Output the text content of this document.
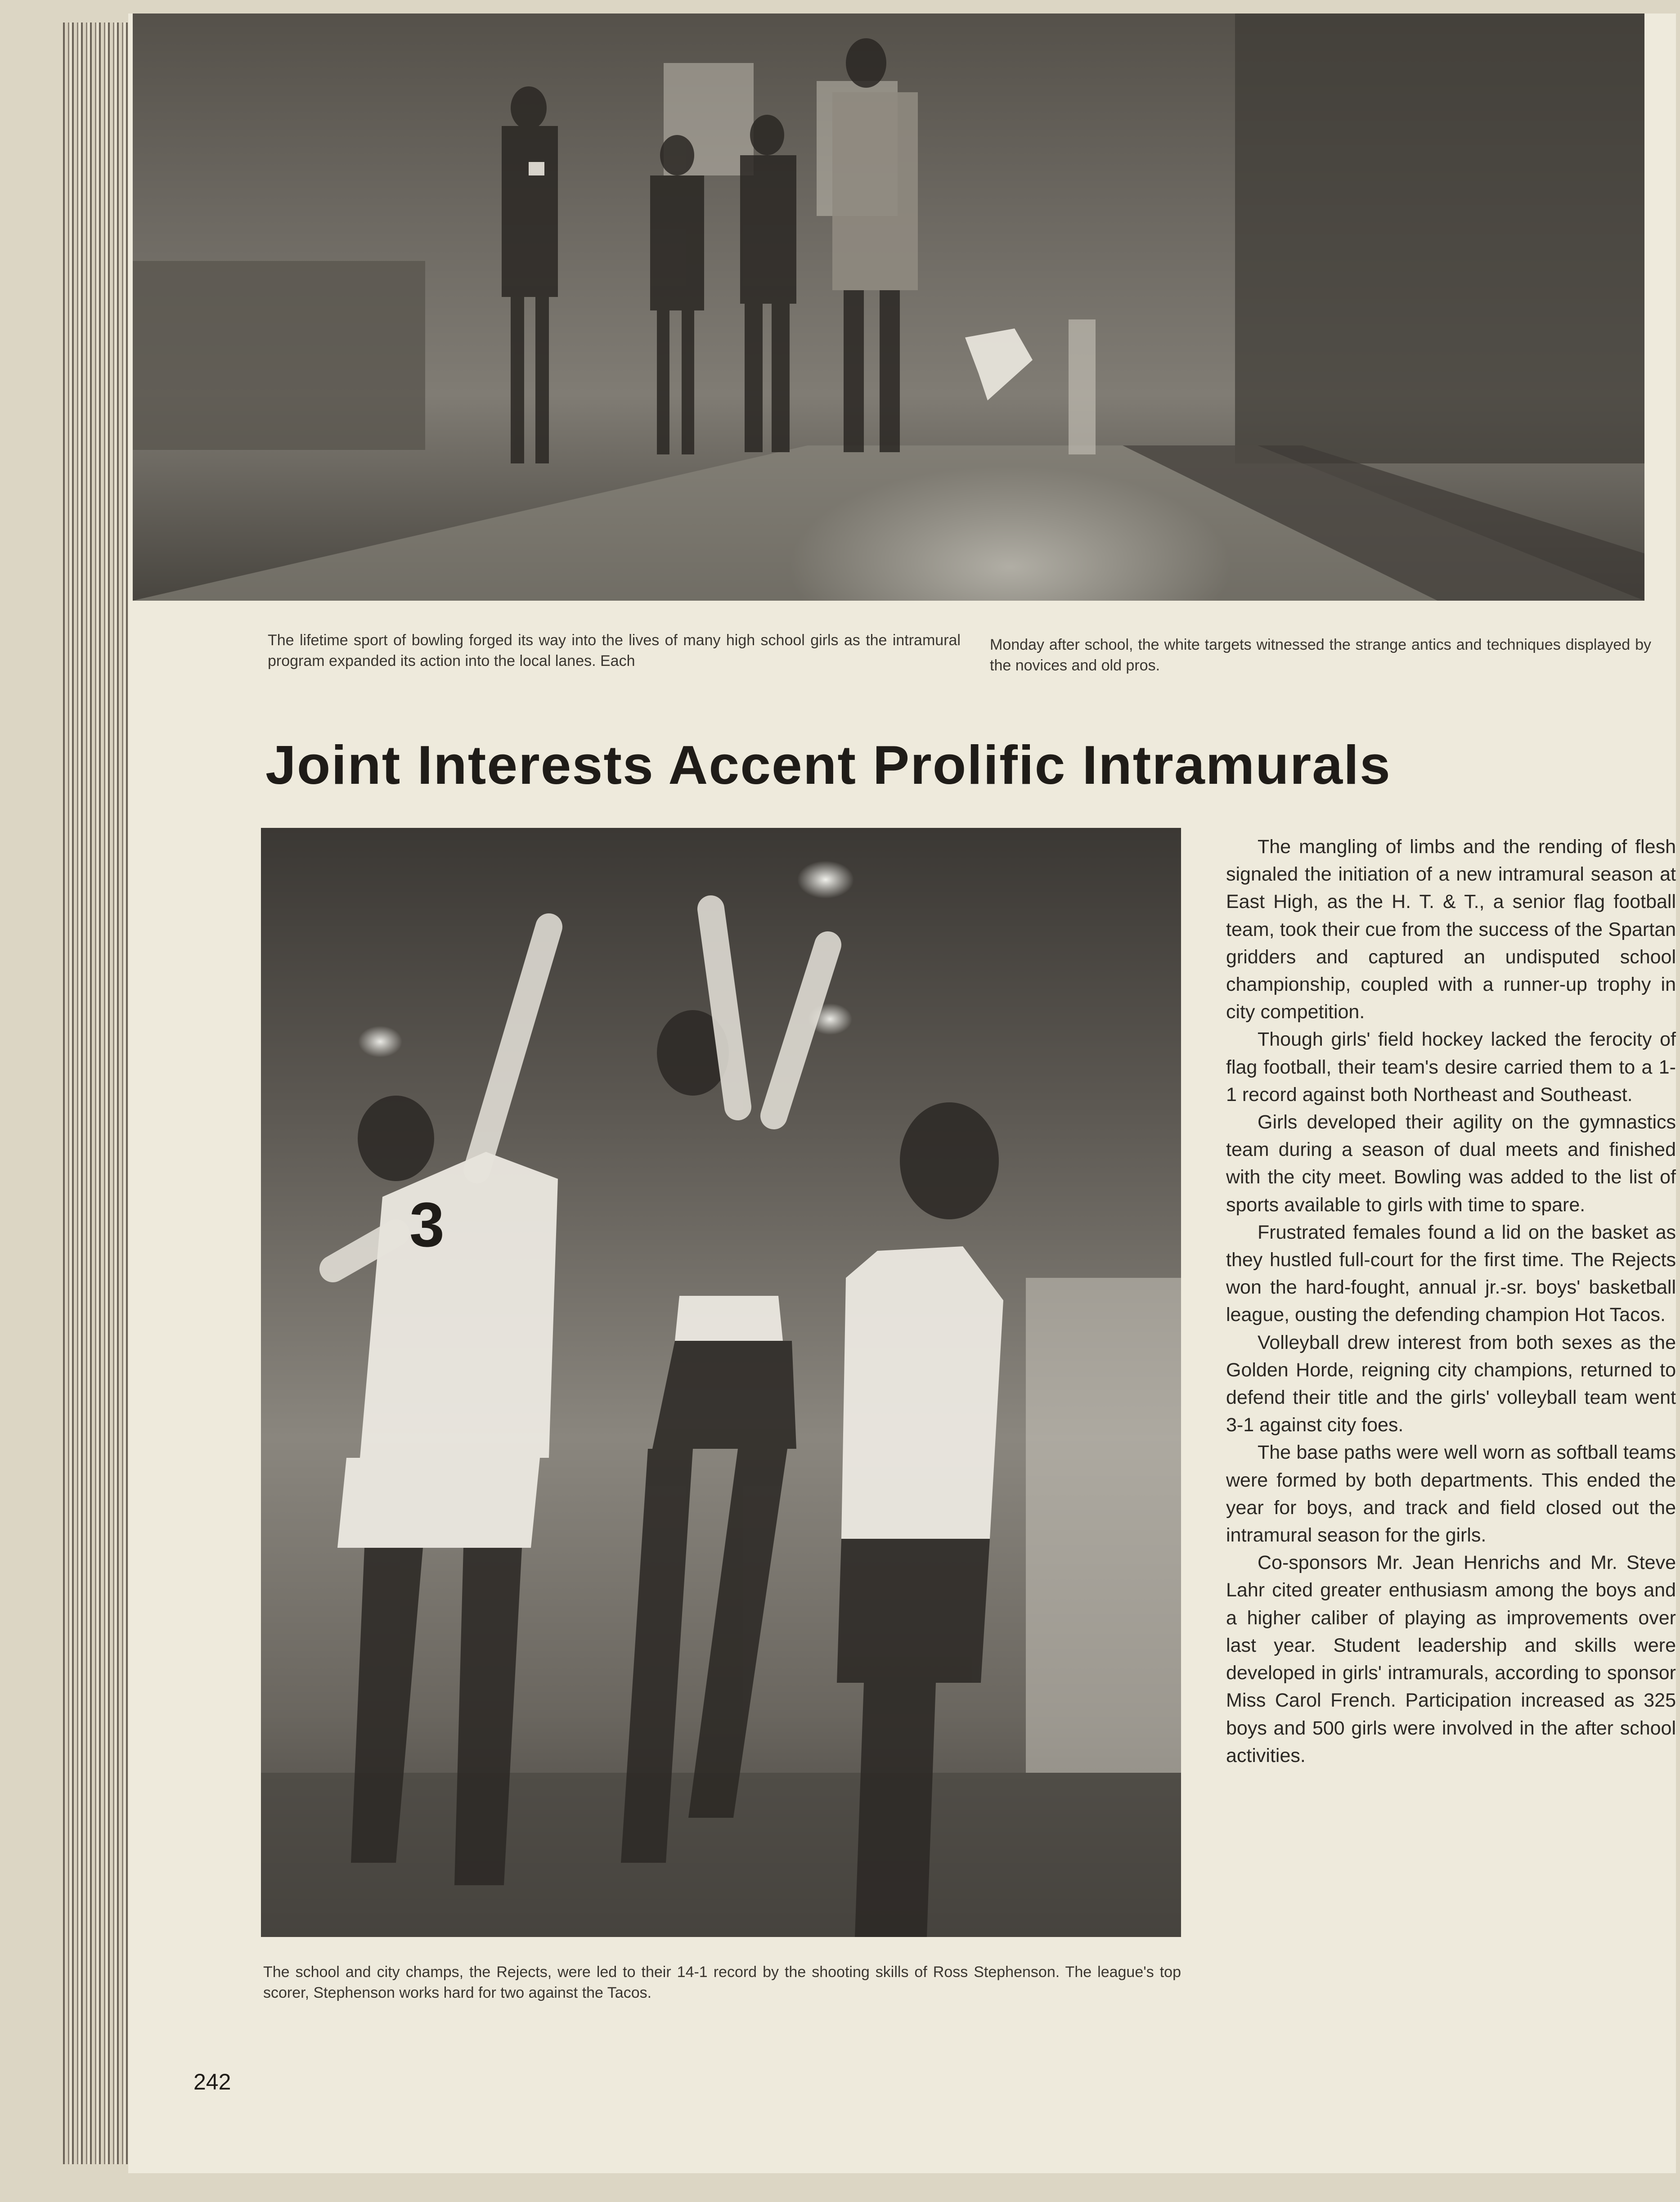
The lifetime sport of bowling forged its way into the lives of many high school girls as the intramural program expanded its action into the local lanes. Each

Monday after school, the white targets witnessed the strange antics and techniques displayed by the novices and old pros.

Joint Interests Accent Prolific Intramurals
3

The school and city champs, the Rejects, were led to their 14-1 record by the shooting skills of Ross Stephenson. The league's top scorer, Stephenson works hard for two against the Tacos.

The mangling of limbs and the rending of flesh signaled the initiation of a new intramural season at East High, as the H. T. & T., a senior flag football team, took their cue from the success of the Spartan gridders and captured an undisputed school championship, coupled with a runner-up trophy in city competition.

Though girls' field hockey lacked the ferocity of flag football, their team's desire carried them to a 1-1 record against both Northeast and Southeast.

Girls developed their agility on the gymnastics team during a season of dual meets and finished with the city meet. Bowling was added to the list of sports available to girls with time to spare.

Frustrated females found a lid on the basket as they hustled full-court for the first time. The Rejects won the hard-fought, annual jr.-sr. boys' basketball league, ousting the defending champion Hot Tacos.

Volleyball drew interest from both sexes as the Golden Horde, reigning city champions, returned to defend their title and the girls' volleyball team went 3-1 against city foes.

The base paths were well worn as softball teams were formed by both departments. This ended the year for boys, and track and field closed out the intramural season for the girls.

Co-sponsors Mr. Jean Henrichs and Mr. Steve Lahr cited greater enthusiasm among the boys and a higher caliber of playing as improvements over last year. Student leadership and skills were developed in girls' intramurals, according to sponsor Miss Carol French. Participation increased as 325 boys and 500 girls were involved in the after school activities.

242
